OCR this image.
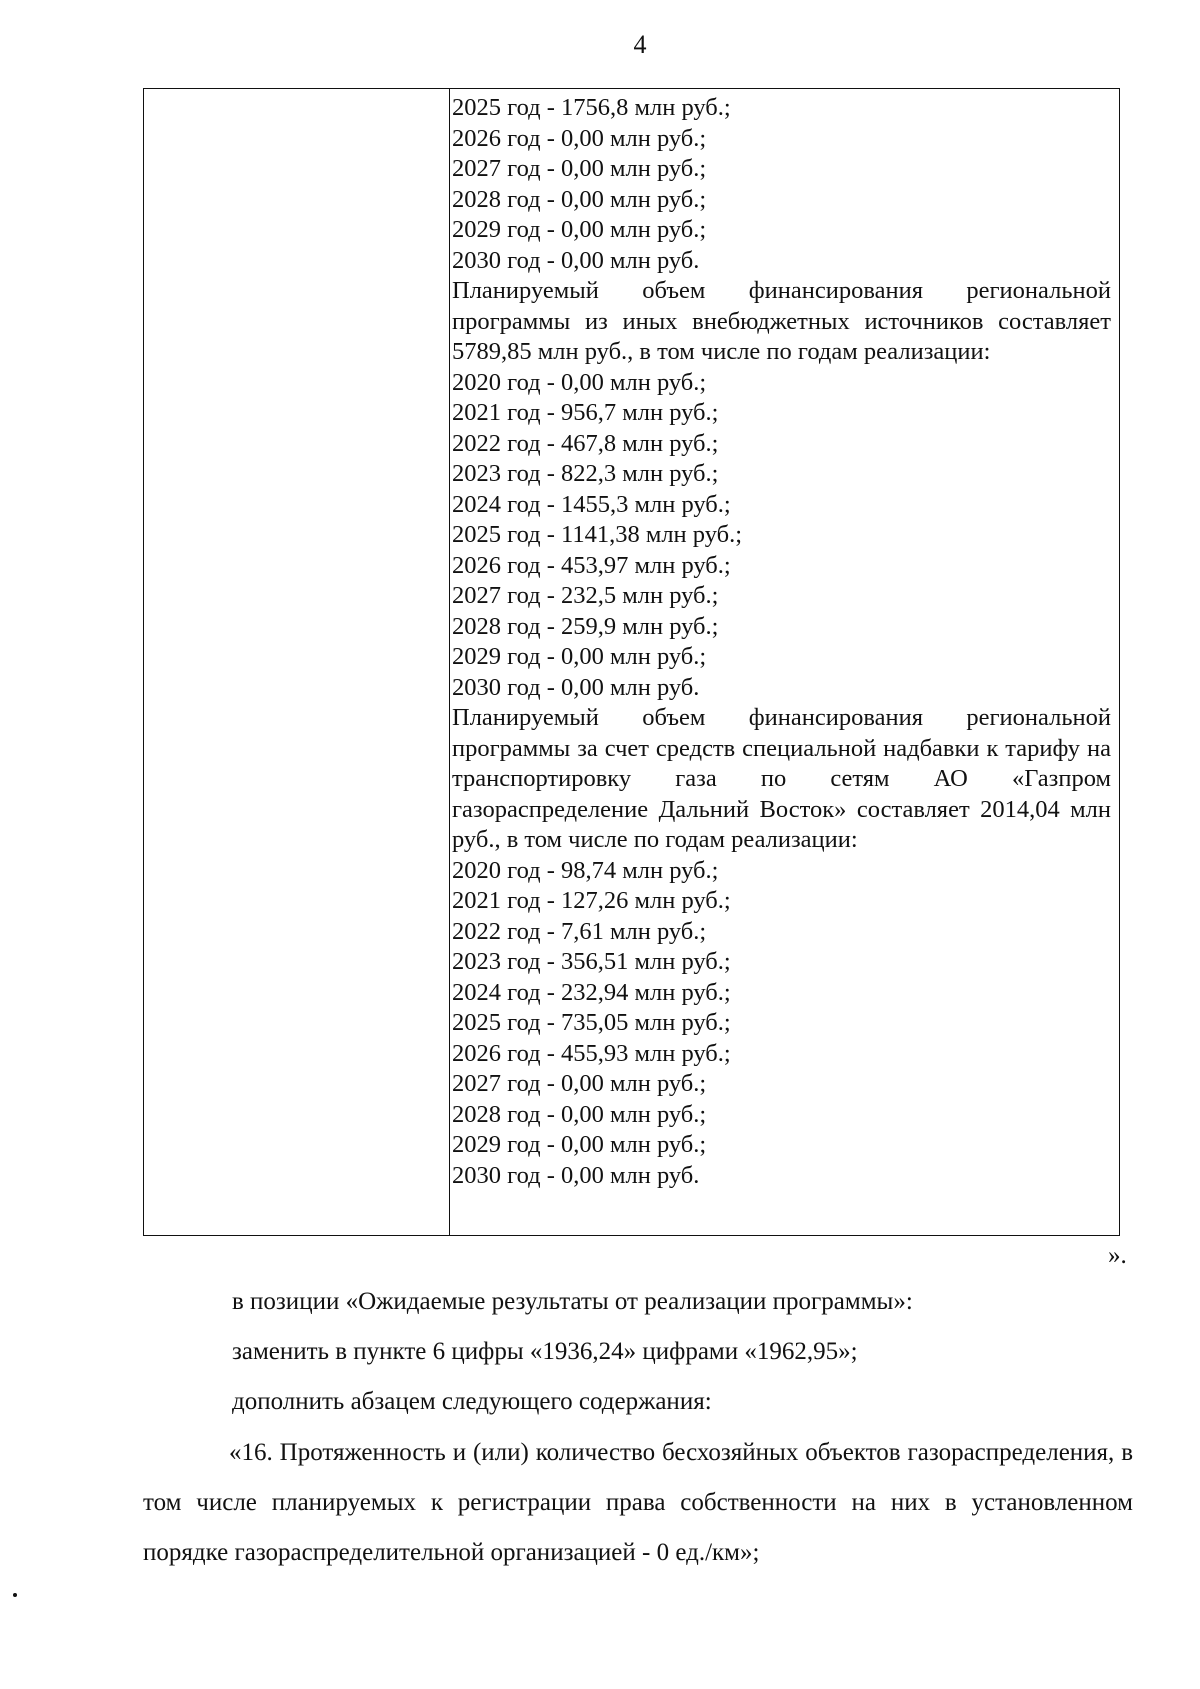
4
2025 год - 1756,8 млн руб.;
2026 год - 0,00 млн руб.;
2027 год - 0,00 млн руб.;
2028 год - 0,00 млн руб.;
2029 год - 0,00 млн руб.;
2030 год - 0,00 млн руб.
Планируемый объем финансирования региональной программы из иных внебюджетных источников составляет 5789,85 млн руб., в том числе по годам реализации:
2020 год - 0,00 млн руб.;
2021 год - 956,7 млн руб.;
2022 год - 467,8 млн руб.;
2023 год - 822,3 млн руб.;
2024 год - 1455,3 млн руб.;
2025 год - 1141,38 млн руб.;
2026 год - 453,97 млн руб.;
2027 год - 232,5 млн руб.;
2028 год - 259,9 млн руб.;
2029 год - 0,00 млн руб.;
2030 год - 0,00 млн руб.
Планируемый объем финансирования региональной программы за счет средств специальной надбавки к тарифу на транспортировку газа по сетям АО «Газпром газораспределение Дальний Восток» составляет 2014,04 млн руб., в том числе по годам реализации:
2020 год - 98,74 млн руб.;
2021 год - 127,26 млн руб.;
2022 год - 7,61 млн руб.;
2023 год - 356,51 млн руб.;
2024 год - 232,94 млн руб.;
2025 год - 735,05 млн руб.;
2026 год - 455,93 млн руб.;
2027 год - 0,00 млн руб.;
2028 год - 0,00 млн руб.;
2029 год - 0,00 млн руб.;
2030 год - 0,00 млн руб.
».
в позиции «Ожидаемые результаты от реализации программы»:
заменить в пункте 6 цифры «1936,24» цифрами «1962,95»;
дополнить абзацем следующего содержания:
«16. Протяженность и (или) количество бесхозяйных объектов газораспределения, в том числе планируемых к регистрации права собственности на них в установленном порядке газораспределительной организацией - 0 ед./км»;
